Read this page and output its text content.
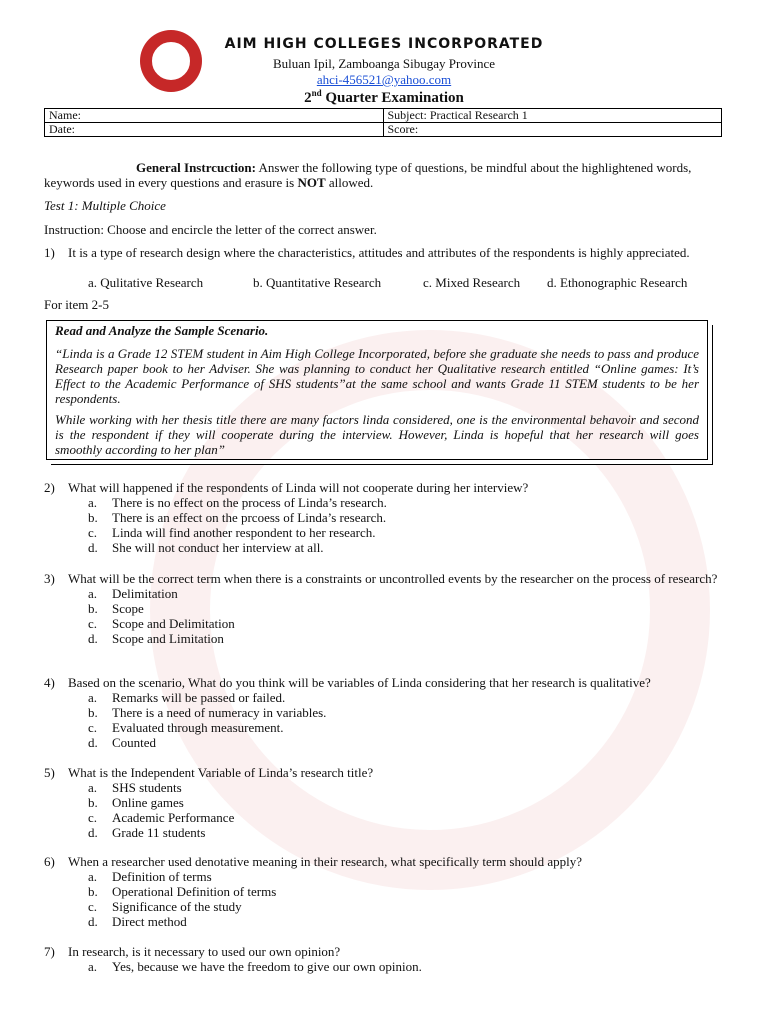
AIM HIGH COLLEGES INCORPORATED
Buluan Ipil, Zamboanga Sibugay Province
ahci-456521@yahoo.com
2nd Quarter Examination
Name:	Subject: Practical Research 1
Date:	Score:
General Instrcuction: Answer the following type of questions, be mindful about the highlightened words, keywords used in every questions and erasure is NOT allowed.
Test 1: Multiple Choice
Instruction: Choose and encircle the letter of the correct answer.
1)	It is a type of research design where the characteristics, attitudes and attributes of the respondents is highly appreciated.
a. Qulitative Research	b. Quantitative Research	c. Mixed Research d. Ethonographic Research
For item 2-5

Read and Analyze the Sample Scenario.

“Linda is a Grade 12 STEM student in Aim High College Incorporated, before she graduate she needs to pass and produce Research paper book to her Adviser. She was planning to conduct her Qualitative research entitled “Online games: It’s Effect to the Academic Performance of SHS students”at the same school and wants Grade 11 STEM students to be her respondents.

While working with her thesis title there are many factors linda considered, one is the environmental behavoir and second is the respondent if they will cooperate during the interview. However, Linda is hopeful that her research will goes smoothly according to her plan”

2)	What will happened if the respondents of Linda will not cooperate during her interview?
a. There is no effect on the process of Linda’s research.
b. There is an effect on the prcoess of Linda’s research.
c. Linda will find another respondent to her research.
d. She will not conduct her interview at all.
3)	What will be the correct term when there is a constraints or uncontrolled events by the researcher on the process of research?
a. Delimitation
b. Scope
c. Scope and Delimitation
d. Scope and Limitation
4)	Based on the scenario, What do you think will be variables of Linda considering that her research is qualitative?
a. Remarks will be passed or failed.
b. There is a need of numeracy in variables.
c. Evaluated through measurement.
d. Counted
5)	What is the Independent Variable of Linda’s research title?
a. SHS students
b. Online games
c. Academic Performance
d. Grade 11 students
6)	When a researcher used denotative meaning in their research, what specifically term should apply?
a. Definition of terms
b. Operational Definition of terms
c. Significance of the study
d. Direct method
7)	In research, is it necessary to used our own opinion?
a. Yes, because we have the freedom to give our own opinion.
